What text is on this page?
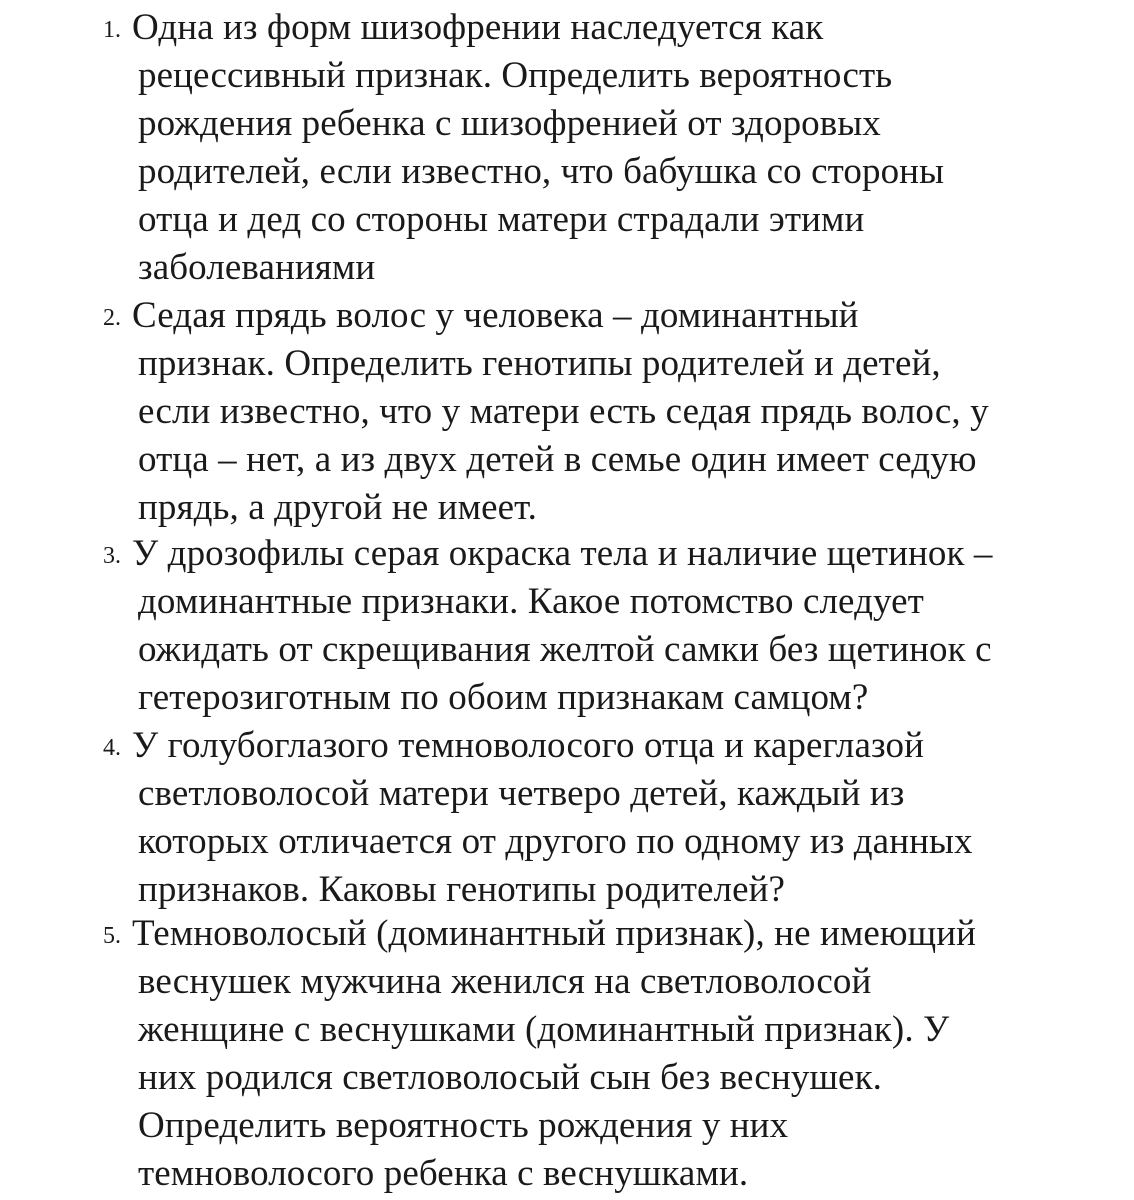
1. Одна из форм шизофрении наследуется как
рецессивный признак. Определить вероятность
рождения ребенка с шизофренией от здоровых
родителей, если известно, что бабушка со стороны
отца и дед со стороны матери страдали этими
заболеваниями
2. Седая прядь волос у человека – доминантный
признак. Определить генотипы родителей и детей,
если известно, что у матери есть седая прядь волос, у
отца – нет, а из двух детей в семье один имеет седую
прядь, а другой не имеет.
3. У дрозофилы серая окраска тела и наличие щетинок –
доминантные признаки. Какое потомство следует
ожидать от скрещивания желтой самки без щетинок с
гетерозиготным по обоим признакам самцом?
4. У голубоглазого темноволосого отца и кареглазой
светловолосой матери четверо детей, каждый из
которых отличается от другого по одному из данных
признаков. Каковы генотипы родителей?
5. Темноволосый (доминантный признак), не имеющий
веснушек мужчина женился на светловолосой
женщине с веснушками (доминантный признак). У
них родился светловолосый сын без веснушек.
Определить вероятность рождения у них
темноволосого ребенка с веснушками.
